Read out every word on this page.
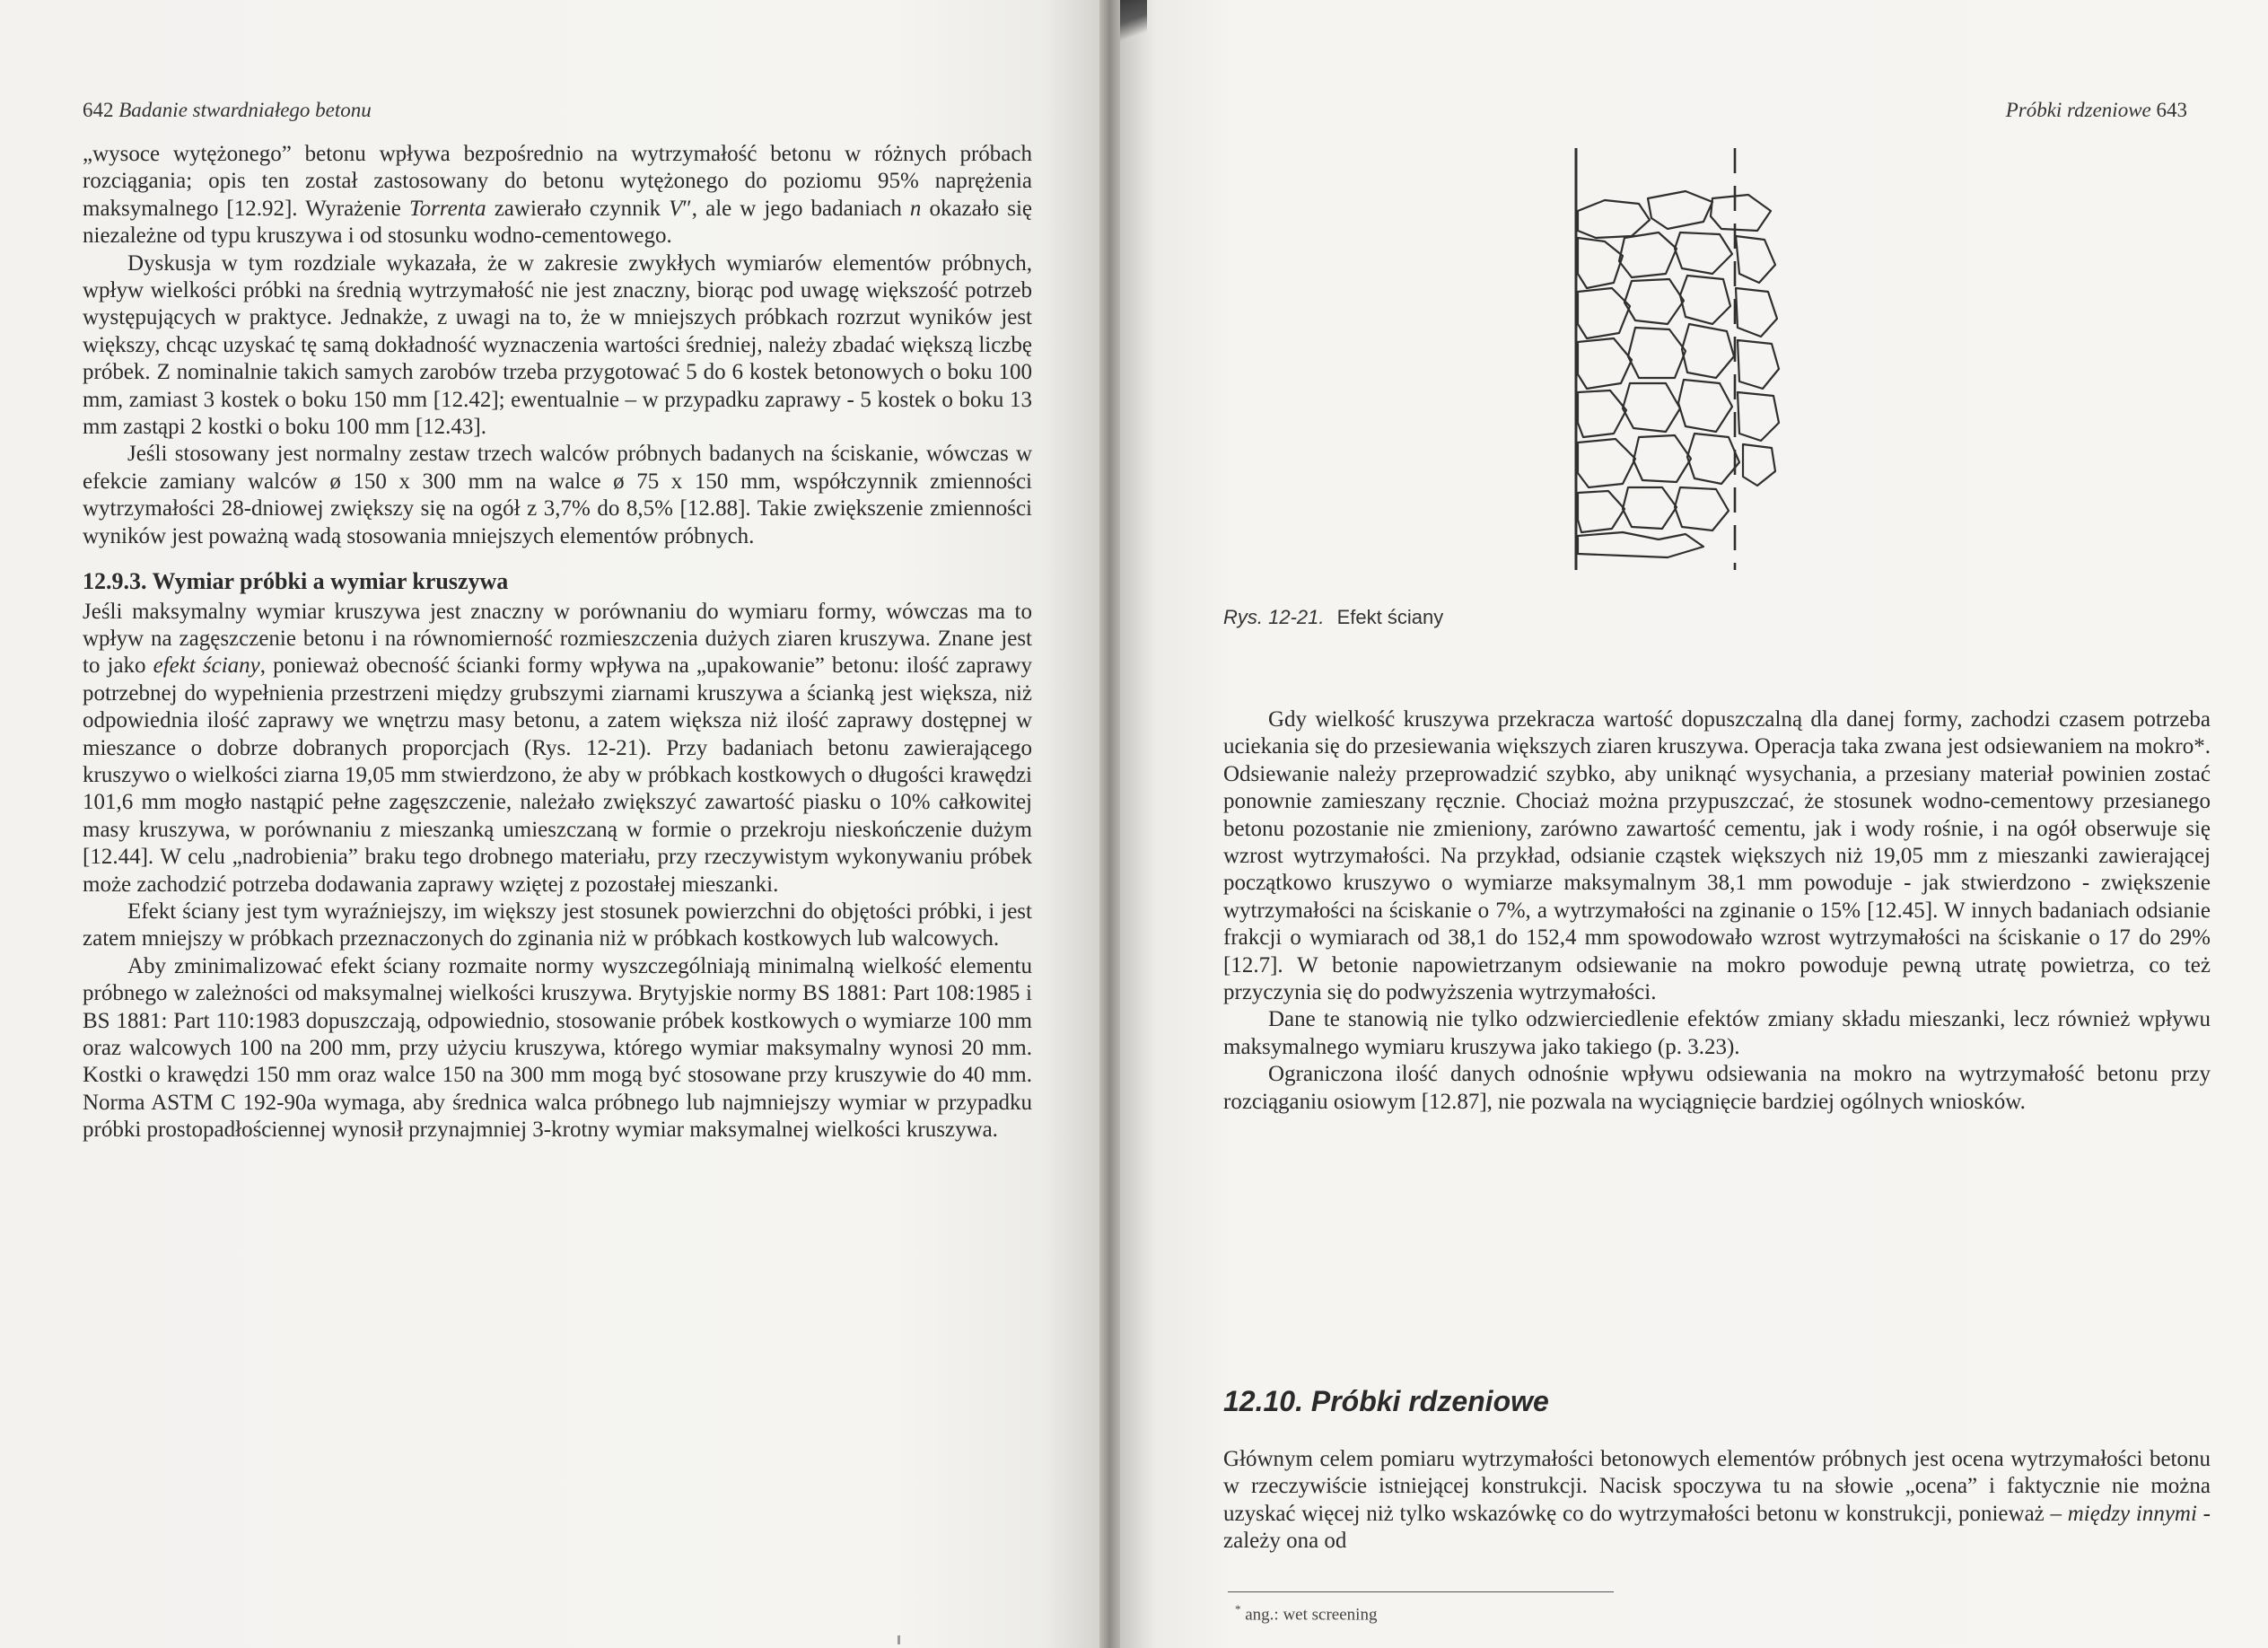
642 Badanie stwardniałego betonu

„wysoce wytężonego” betonu wpływa bezpośrednio na wytrzymałość betonu w różnych próbach rozciągania; opis ten został zastosowany do betonu wytężonego do poziomu 95% naprężenia maksymalnego [12.92]. Wyrażenie Torrenta zawierało czynnik V″, ale w jego badaniach n okazało się niezależne od typu kruszywa i od stosunku wodno-cementowego.

Dyskusja w tym rozdziale wykazała, że w zakresie zwykłych wymiarów elementów próbnych, wpływ wielkości próbki na średnią wytrzymałość nie jest znaczny, biorąc pod uwagę większość potrzeb występujących w praktyce. Jednakże, z uwagi na to, że w mniejszych próbkach rozrzut wyników jest większy, chcąc uzyskać tę samą dokładność wyznaczenia wartości średniej, należy zbadać większą liczbę próbek. Z nominalnie takich samych zarobów trzeba przygotować 5 do 6 kostek betonowych o boku 100 mm, zamiast 3 kostek o boku 150 mm [12.42]; ewentualnie – w przypadku zaprawy - 5 kostek o boku 13 mm zastąpi 2 kostki o boku 100 mm [12.43].

Jeśli stosowany jest normalny zestaw trzech walców próbnych badanych na ściskanie, wówczas w efekcie zamiany walców ø 150 x 300 mm na walce ø 75 x 150 mm, współczynnik zmienności wytrzymałości 28-dniowej zwiększy się na ogół z 3,7% do 8,5% [12.88]. Takie zwiększenie zmienności wyników jest poważną wadą stosowania mniejszych elementów próbnych.

12.9.3. Wymiar próbki a wymiar kruszywa

Jeśli maksymalny wymiar kruszywa jest znaczny w porównaniu do wymiaru formy, wówczas ma to wpływ na zagęszczenie betonu i na równomierność rozmieszczenia dużych ziaren kruszywa. Znane jest to jako efekt ściany, ponieważ obecność ścianki formy wpływa na „upakowanie” betonu: ilość zaprawy potrzebnej do wypełnienia przestrzeni między grubszymi ziarnami kruszywa a ścianką jest większa, niż odpowiednia ilość zaprawy we wnętrzu masy betonu, a zatem większa niż ilość zaprawy dostępnej w mieszance o dobrze dobranych proporcjach (Rys. 12-21). Przy badaniach betonu zawierającego kruszywo o wielkości ziarna 19,05 mm stwierdzono, że aby w próbkach kostkowych o długości krawędzi 101,6 mm mogło nastąpić pełne zagęszczenie, należało zwiększyć zawartość piasku o 10% całkowitej masy kruszywa, w porównaniu z mieszanką umieszczaną w formie o przekroju nieskończenie dużym [12.44]. W celu „nadrobienia” braku tego drobnego materiału, przy rzeczywistym wykonywaniu próbek może zachodzić potrzeba dodawania zaprawy wziętej z pozostałej mieszanki.

Efekt ściany jest tym wyraźniejszy, im większy jest stosunek powierzchni do objętości próbki, i jest zatem mniejszy w próbkach przeznaczonych do zginania niż w próbkach kostkowych lub walcowych.

Aby zminimalizować efekt ściany rozmaite normy wyszczególniają minimalną wielkość elementu próbnego w zależności od maksymalnej wielkości kruszywa. Brytyjskie normy BS 1881: Part 108:1985 i BS 1881: Part 110:1983 dopuszczają, odpowiednio, stosowanie próbek kostkowych o wymiarze 100 mm oraz walcowych 100 na 200 mm, przy użyciu kruszywa, którego wymiar maksymalny wynosi 20 mm. Kostki o krawędzi 150 mm oraz walce 150 na 300 mm mogą być stosowane przy kruszywie do 40 mm. Norma ASTM C 192-90a wymaga, aby średnica walca próbnego lub najmniejszy wymiar w przypadku próbki prostopadłościennej wynosił przynajmniej 3-krotny wymiar maksymalnej wielkości kruszywa.

Próbki rdzeniowe 643
Rys. 12-21. Efekt ściany

Gdy wielkość kruszywa przekracza wartość dopuszczalną dla danej formy, zachodzi czasem potrzeba uciekania się do przesiewania większych ziaren kruszywa. Operacja taka zwana jest odsiewaniem na mokro*. Odsiewanie należy przeprowadzić szybko, aby uniknąć wysychania, a przesiany materiał powinien zostać ponownie zamieszany ręcznie. Chociaż można przypuszczać, że stosunek wodno-cementowy przesianego betonu pozostanie nie zmieniony, zarówno zawartość cementu, jak i wody rośnie, i na ogół obserwuje się wzrost wytrzymałości. Na przykład, odsianie cząstek większych niż 19,05 mm z mieszanki zawierającej początkowo kruszywo o wymiarze maksymalnym 38,1 mm powoduje - jak stwierdzono - zwiększenie wytrzymałości na ściskanie o 7%, a wytrzymałości na zginanie o 15% [12.45]. W innych badaniach odsianie frakcji o wymiarach od 38,1 do 152,4 mm spowodowało wzrost wytrzymałości na ściskanie o 17 do 29% [12.7]. W betonie napowietrzanym odsiewanie na mokro powoduje pewną utratę powietrza, co też przyczynia się do podwyższenia wytrzymałości.

Dane te stanowią nie tylko odzwierciedlenie efektów zmiany składu mieszanki, lecz również wpływu maksymalnego wymiaru kruszywa jako takiego (p. 3.23).

Ograniczona ilość danych odnośnie wpływu odsiewania na mokro na wytrzymałość betonu przy rozciąganiu osiowym [12.87], nie pozwala na wyciągnięcie bardziej ogólnych wniosków.

12.10. Próbki rdzeniowe

Głównym celem pomiaru wytrzymałości betonowych elementów próbnych jest ocena wytrzymałości betonu w rzeczywiście istniejącej konstrukcji. Nacisk spoczywa tu na słowie „ocena” i faktycznie nie można uzyskać więcej niż tylko wskazówkę co do wytrzymałości betonu w konstrukcji, ponieważ – między innymi - zależy ona od

* ang.: wet screening
